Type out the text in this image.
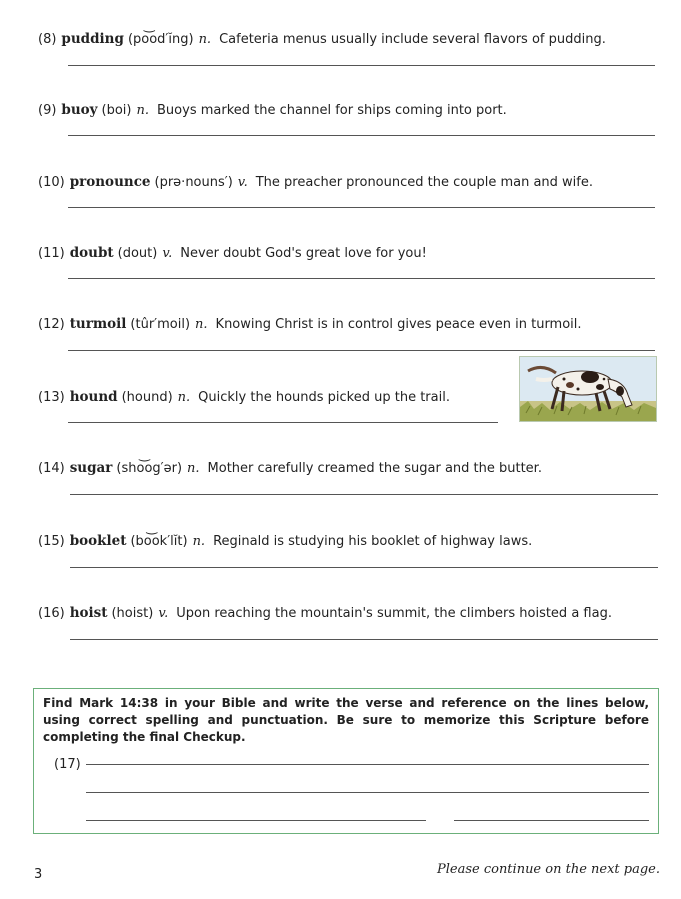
(8) pudding (po͝od′ĭng) n. Cafeteria menus usually include several flavors of pudding.
(9) buoy (boi) n. Buoys marked the channel for ships coming into port.
(10) pronounce (prə·nouns′) v. The preacher pronounced the couple man and wife.
(11) doubt (dout) v. Never doubt God's great love for you!
(12) turmoil (tûr′moil) n. Knowing Christ is in control gives peace even in turmoil.
(13) hound (hound) n. Quickly the hounds picked up the trail.
(14) sugar (sho͝og′ər) n. Mother carefully creamed the sugar and the butter.
(15) booklet (bo͝ok′lĭt) n. Reginald is studying his booklet of highway laws.
(16) hoist (hoist) v. Upon reaching the mountain's summit, the climbers hoisted a flag.
Find Mark 14:38 in your Bible and write the verse and reference on the lines below, using correct spelling and punctuation. Be sure to memorize this Scripture before completing the final Checkup.
(17)
3	Please continue on the next page.
